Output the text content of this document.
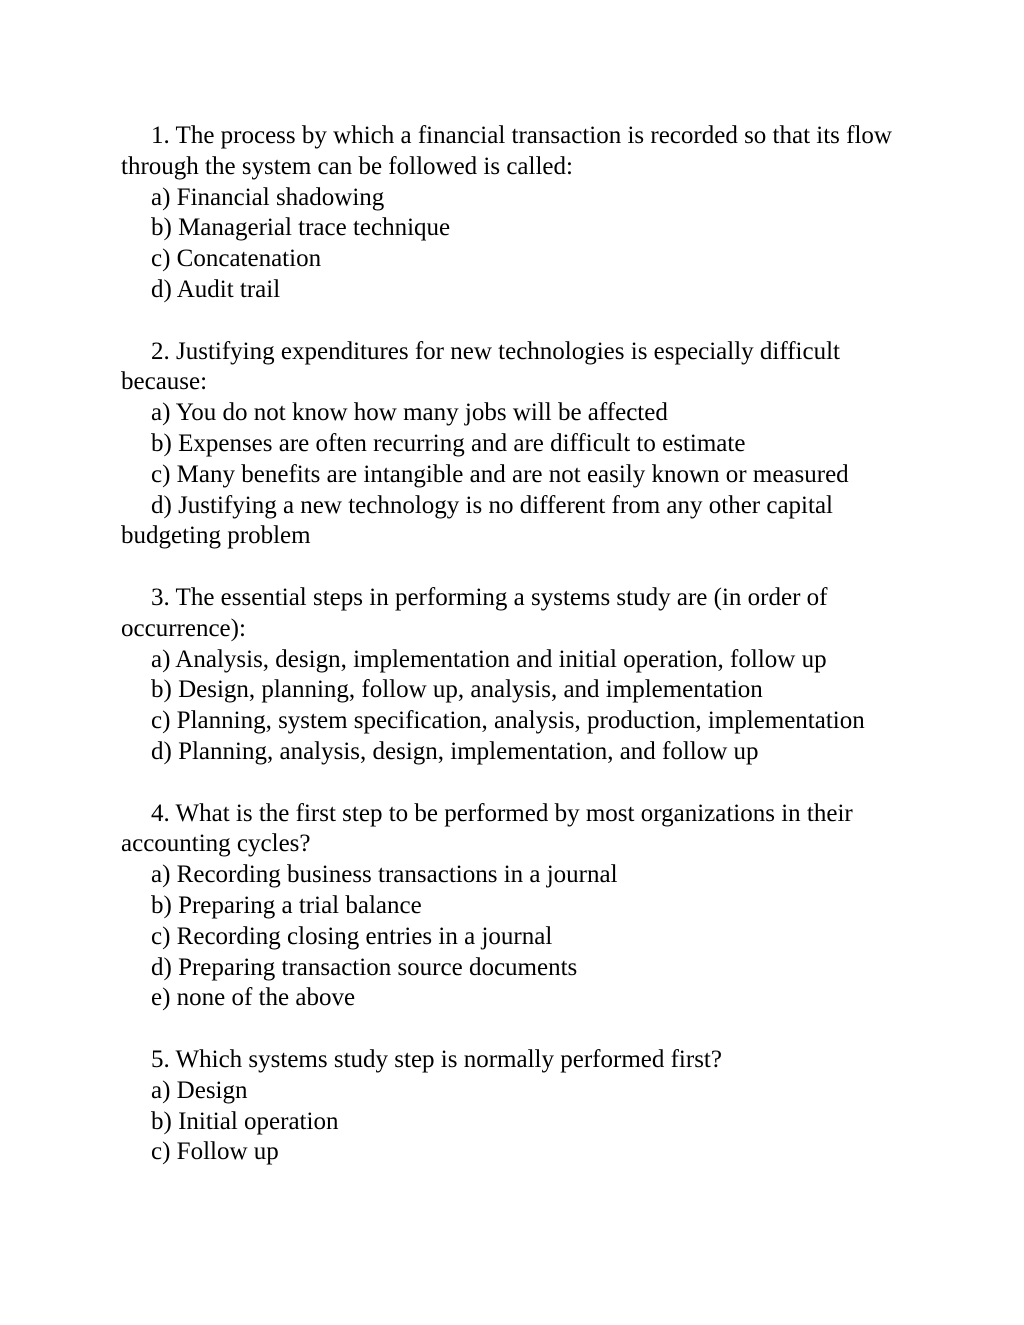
1. The process by which a financial transaction is recorded so that its flow through the system can be followed is called:

a) Financial shadowing

b) Managerial trace technique

c) Concatenation

d) Audit trail

2. Justifying expenditures for new technologies is especially difficult because:

a) You do not know how many jobs will be affected

b) Expenses are often recurring and are difficult to estimate

c) Many benefits are intangible and are not easily known or measured

d) Justifying a new technology is no different from any other capital budgeting problem

3. The essential steps in performing a systems study are (in order of occurrence):

a) Analysis, design, implementation and initial operation, follow up

b) Design, planning, follow up, analysis, and implementation

c) Planning, system specification, analysis, production, implementation

d) Planning, analysis, design, implementation, and follow up

4. What is the first step to be performed by most organizations in their accounting cycles?

a) Recording business transactions in a journal

b) Preparing a trial balance

c) Recording closing entries in a journal

d) Preparing transaction source documents

e) none of the above

5. Which systems study step is normally performed first?

a) Design

b) Initial operation

c) Follow up
